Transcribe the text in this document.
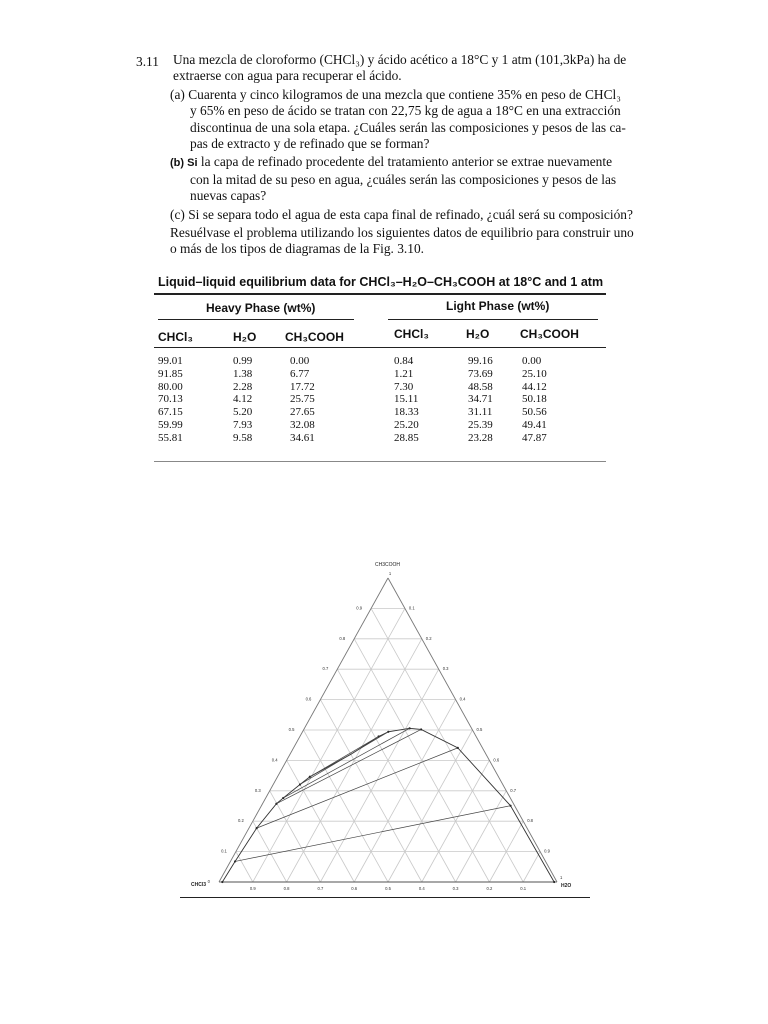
3.11 Una mezcla de cloroformo (CHCl₃) y ácido acético a 18°C y 1 atm (101,3kPa) ha de
extraerse con agua para recuperar el ácido.
(a) Cuarenta y cinco kilogramos de una mezcla que contiene 35% en peso de CHCl₃
y 65% en peso de ácido se tratan con 22,75 kg de agua a 18°C en una extracción
discontinua de una sola etapa. ¿Cuáles serán las composiciones y pesos de las ca-
pas de extracto y de refinado que se forman?
(b) Si la capa de refinado procedente del tratamiento anterior se extrae nuevamente
con la mitad de su peso en agua, ¿cuáles serán las composiciones y pesos de las
nuevas capas?
(c) Si se separa todo el agua de esta capa final de refinado, ¿cuál será su composición?
Resuélvase el problema utilizando los siguientes datos de equilibrio para construir uno
o más de los tipos de diagramas de la Fig. 3.10.
Liquid–liquid equilibrium data for CHCl₃–H₂O–CH₃COOH at 18°C and 1 atm
Heavy Phase (wt%)	Light Phase (wt%)
CHCl₃	H₂O CH₃COOH	CHCl₃	H₂O	CH₃COOH
99.01	0.99	0.00	0.84	99.16	0.00
91.85	1.38	6.77	1.21	73.69	25.10
80.00	2.28	17.72	7.30	48.58	44.12
70.13	4.12	25.75	15.11	34.71	50.18
67.15	5.20	27.65	18.33	31.11	50.56
59.99	7.93	32.08	25.20	25.39	49.41
55.81	9.58	34.61	28.85	23.28	47.87
0.9
0.8
0.7
0.6
0.5
0.4
0.3
0.2
0.1
0
0.1
0.2
0.3
0.4
0.5
0.6
0.7
0.8
0.9
0.9	0.8	0.7	0.6	0.5	0.4	0.3	0.2	0.1
1
1
CH3COOH
CHCl3	H2O
